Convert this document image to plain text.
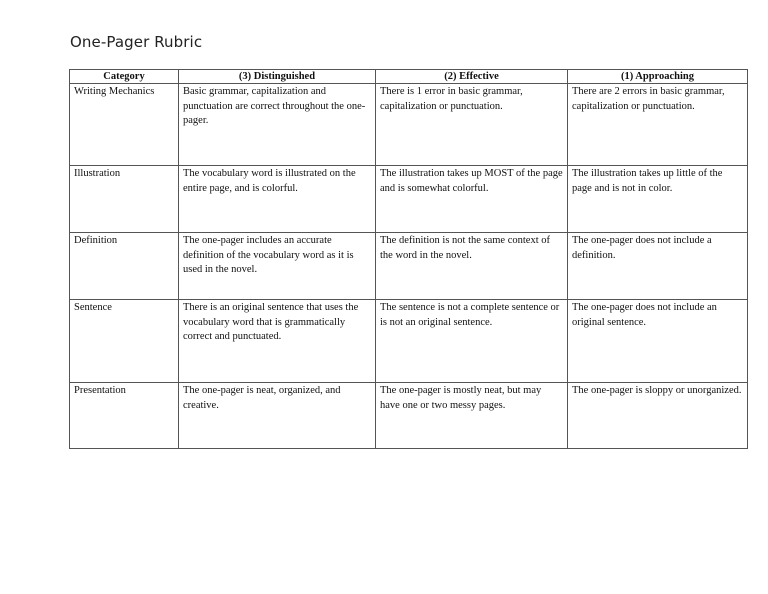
One-Pager Rubric
Category	(3) Distinguished	(2) Effective	(1) Approaching
Writing Mechanics	Basic grammar, capitalization and punctuation are correct throughout the one-pager.	There is 1 error in basic grammar, capitalization or punctuation.	There are 2 errors in basic grammar, capitalization or punctuation.
Illustration	The vocabulary word is illustrated on the entire page, and is colorful.	The illustration takes up MOST of the page and is somewhat colorful.	The illustration takes up little of the page and is not in color.
Definition	The one-pager includes an accurate definition of the vocabulary word as it is used in the novel.	The definition is not the same context of the word in the novel.	The one-pager does not include a definition.
Sentence	There is an original sentence that uses the vocabulary word that is grammatically correct and punctuated.	The sentence is not a complete sentence or is not an original sentence.	The one-pager does not include an original sentence.
Presentation	The one-pager is neat, organized, and creative.	The one-pager is mostly neat, but may have one or two messy pages.	The one-pager is sloppy or unorganized.
